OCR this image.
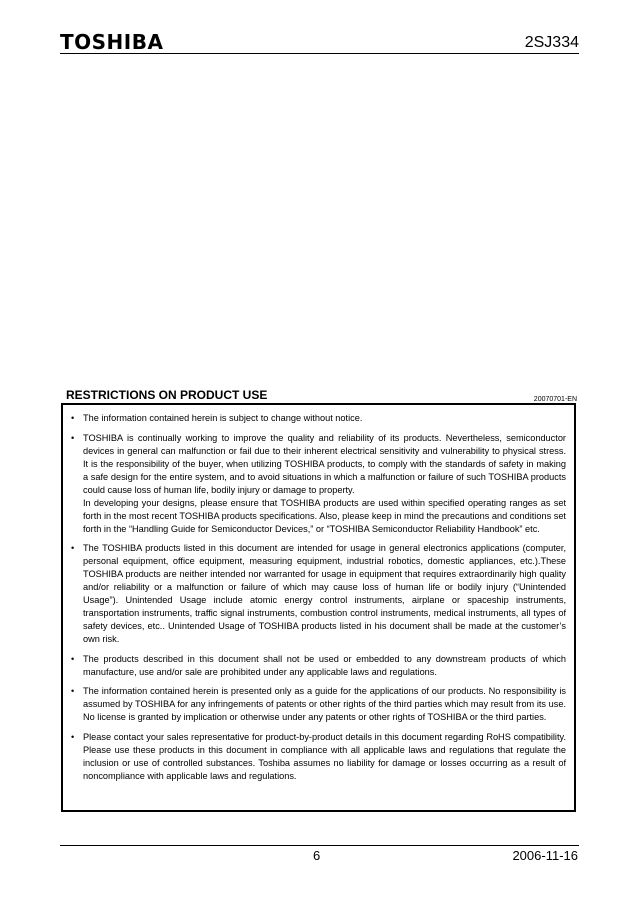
TOSHIBA	2SJ334
RESTRICTIONS ON PRODUCT USE	20070701-EN
• The information contained herein is subject to change without notice.
• TOSHIBA is continually working to improve the quality and reliability of its products. Nevertheless, semiconductor devices in general can malfunction or fail due to their inherent electrical sensitivity and vulnerability to physical stress. It is the responsibility of the buyer, when utilizing TOSHIBA products, to comply with the standards of safety in making a safe design for the entire system, and to avoid situations in which a malfunction or failure of such TOSHIBA products could cause loss of human life, bodily injury or damage to property.
In developing your designs, please ensure that TOSHIBA products are used within specified operating ranges as set forth in the most recent TOSHIBA products specifications. Also, please keep in mind the precautions and conditions set forth in the “Handling Guide for Semiconductor Devices,” or “TOSHIBA Semiconductor Reliability Handbook” etc.
• The TOSHIBA products listed in this document are intended for usage in general electronics applications (computer, personal equipment, office equipment, measuring equipment, industrial robotics, domestic appliances, etc.).These TOSHIBA products are neither intended nor warranted for usage in equipment that requires extraordinarily high quality and/or reliability or a malfunction or failure of which may cause loss of human life or bodily injury (“Unintended Usage”). Unintended Usage include atomic energy control instruments, airplane or spaceship instruments, transportation instruments, traffic signal instruments, combustion control instruments, medical instruments, all types of safety devices, etc.. Unintended Usage of TOSHIBA products listed in his document shall be made at the customer’s own risk.
• The products described in this document shall not be used or embedded to any downstream products of which manufacture, use and/or sale are prohibited under any applicable laws and regulations.
• The information contained herein is presented only as a guide for the applications of our products. No responsibility is assumed by TOSHIBA for any infringements of patents or other rights of the third parties which may result from its use. No license is granted by implication or otherwise under any patents or other rights of TOSHIBA or the third parties.
• Please contact your sales representative for product-by-product details in this document regarding RoHS compatibility. Please use these products in this document in compliance with all applicable laws and regulations that regulate the inclusion or use of controlled substances. Toshiba assumes no liability for damage or losses occurring as a result of noncompliance with applicable laws and regulations.
6	2006-11-16
